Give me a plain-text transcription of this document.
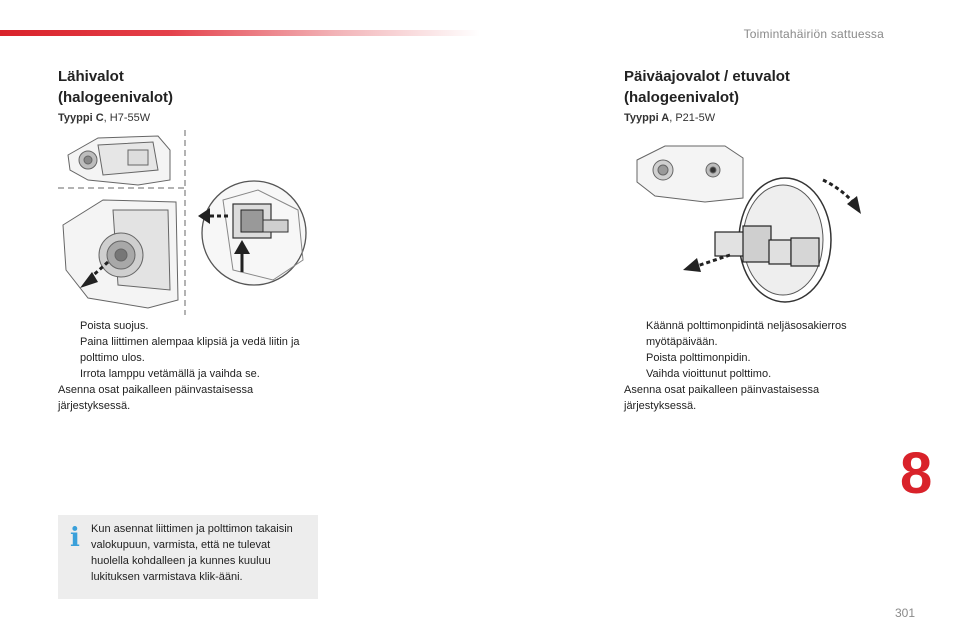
Toimintahäiriön sattuessa
Lähivalot
(halogeenivalot)
Tyyppi C, H7-55W
Poista suojus.
Paina liittimen alempaa klipsiä ja vedä liitin ja polttimo ulos.
Irrota lamppu vetämällä ja vaihda se.
Asenna osat paikalleen päinvastaisessa järjestyksessä.
i Kun asennat liittimen ja polttimon takaisin valokupuun, varmista, että ne tulevat huolella kohdalleen ja kunnes kuuluu lukituksen varmistava klik-ääni.
Päiväajovalot / etuvalot
(halogeenivalot)
Tyyppi A, P21-5W
Käännä polttimonpidintä neljäsosakierros myötäpäivään.
Poista polttimonpidin.
Vaihda vioittunut polttimo.
Asenna osat paikalleen päinvastaisessa järjestyksessä.
8
301
